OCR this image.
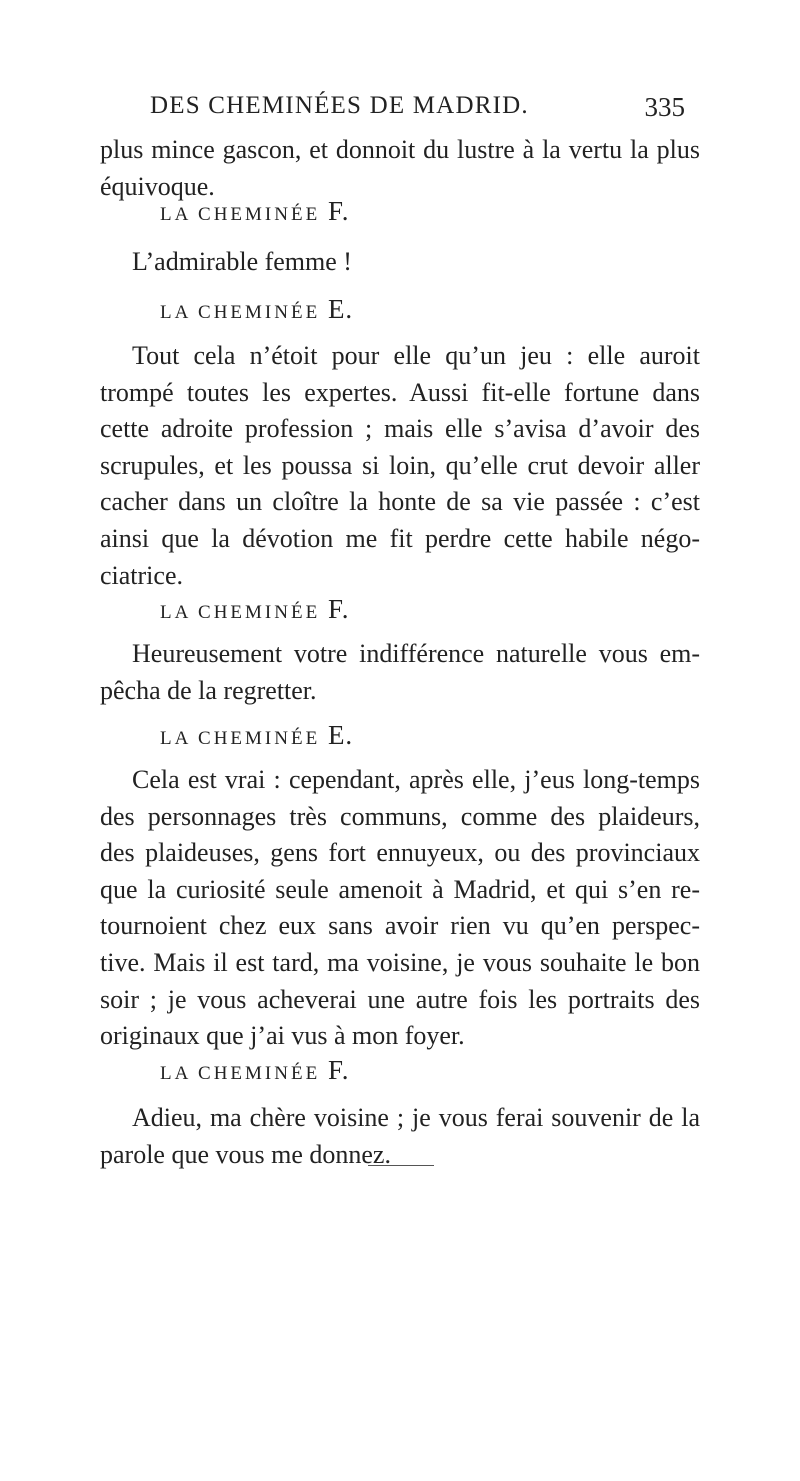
DES CHEMINÉES DE MADRID.	335

plus mince gascon, et donnoit du lustre à la vertu la plus équivoque.

LA CHEMINÉE F.

L’admirable femme !

LA CHEMINÉE E.

Tout cela n’étoit pour elle qu’un jeu : elle auroit trompé toutes les expertes. Aussi fit-elle fortune dans cette adroite profession ; mais elle s’avisa d’avoir des scrupules, et les poussa si loin, qu’elle crut devoir aller cacher dans un cloître la honte de sa vie passée : c’est ainsi que la dévotion me fit perdre cette habile négo- ciatrice.

LA CHEMINÉE F.

Heureusement votre indifférence naturelle vous em- pêcha de la regretter.

LA CHEMINÉE E.

Cela est vrai : cependant, après elle, j’eus long-temps des personnages très communs, comme des plaideurs, des plaideuses, gens fort ennuyeux, ou des provinciaux que la curiosité seule amenoit à Madrid, et qui s’en re- tournoient chez eux sans avoir rien vu qu’en perspec- tive. Mais il est tard, ma voisine, je vous souhaite le bon soir ; je vous acheverai une autre fois les portraits des originaux que j’ai vus à mon foyer.

LA CHEMINÉE F.

Adieu, ma chère voisine ; je vous ferai souvenir de la parole que vous me donnez.
